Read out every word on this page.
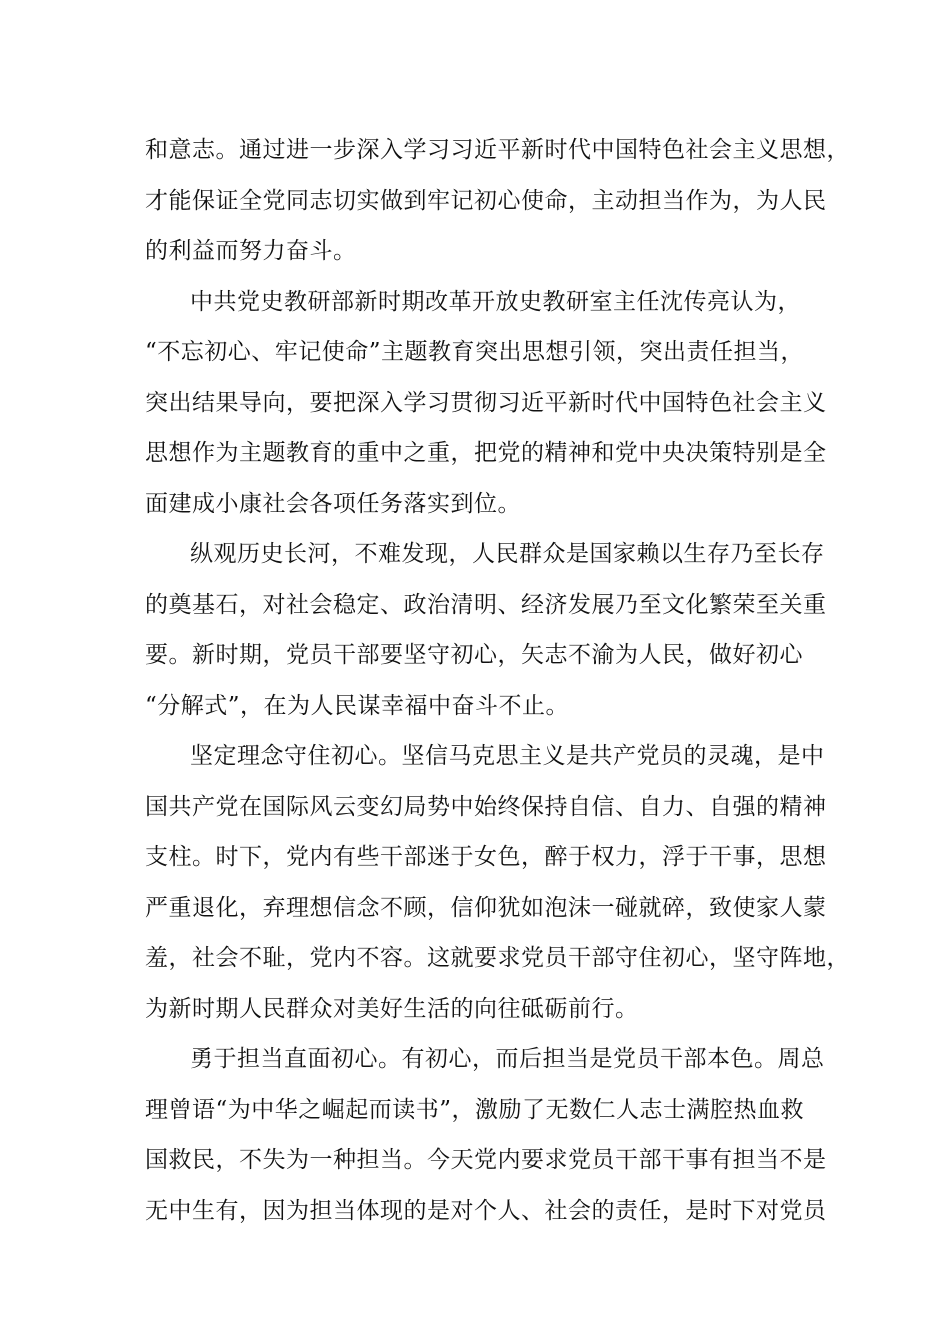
和意志。通过进一步深入学习习近平新时代中国特色社会主义思想，
才能保证全党同志切实做到牢记初心使命，主动担当作为，为人民
的利益而努力奋斗。
中共党史教研部新时期改革开放史教研室主任沈传亮认为，
“不忘初心、牢记使命”主题教育突出思想引领，突出责任担当，
突出结果导向，要把深入学习贯彻习近平新时代中国特色社会主义
思想作为主题教育的重中之重，把党的精神和党中央决策特别是全
面建成小康社会各项任务落实到位。
纵观历史长河，不难发现，人民群众是国家赖以生存乃至长存
的奠基石，对社会稳定、政治清明、经济发展乃至文化繁荣至关重
要。新时期，党员干部要坚守初心，矢志不渝为人民，做好初心
“分解式”，在为人民谋幸福中奋斗不止。
坚定理念守住初心。坚信马克思主义是共产党员的灵魂，是中
国共产党在国际风云变幻局势中始终保持自信、自力、自强的精神
支柱。时下，党内有些干部迷于女色，醉于权力，浮于干事，思想
严重退化，弃理想信念不顾，信仰犹如泡沫一碰就碎，致使家人蒙
羞，社会不耻，党内不容。这就要求党员干部守住初心，坚守阵地，
为新时期人民群众对美好生活的向往砥砺前行。
勇于担当直面初心。有初心，而后担当是党员干部本色。周总
理曾语“为中华之崛起而读书”，激励了无数仁人志士满腔热血救
国救民，不失为一种担当。今天党内要求党员干部干事有担当不是
无中生有，因为担当体现的是对个人、社会的责任，是时下对党员
